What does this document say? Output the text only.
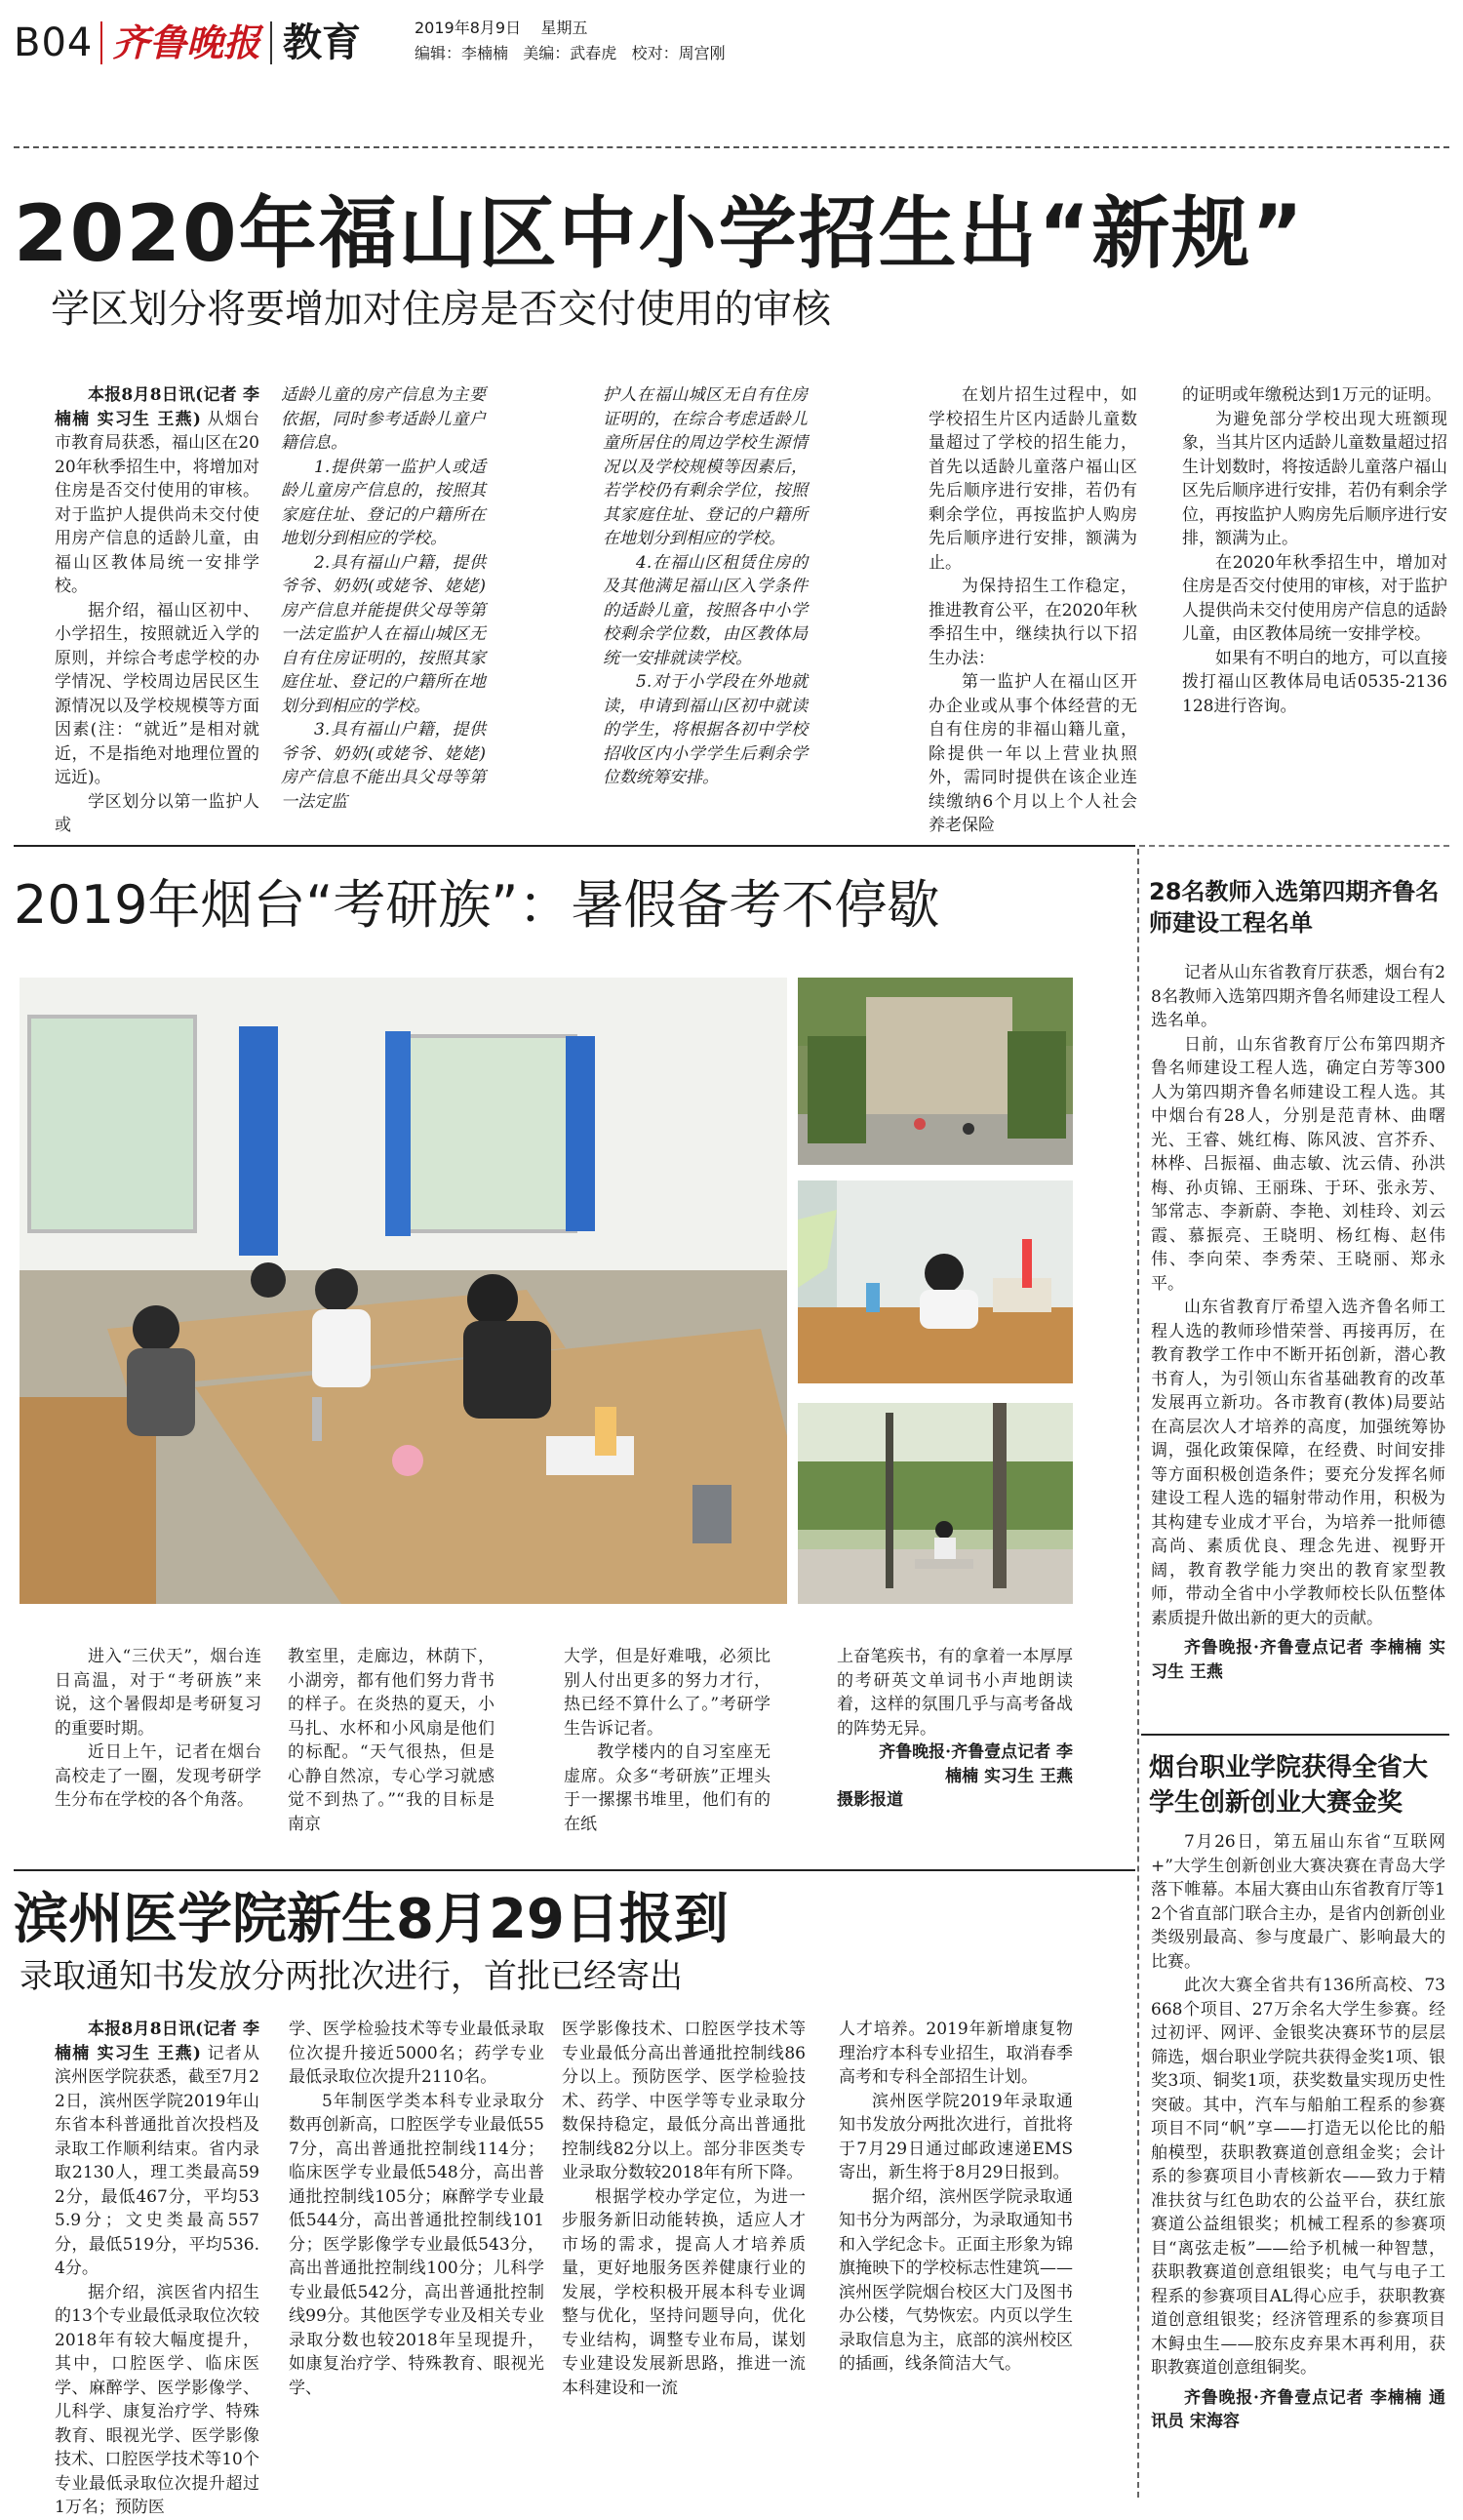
B04 齐鲁晚报 教育	2019年8月9日 星期五
编辑：李楠楠 美编：武春虎 校对：周宫刚
2020年福山区中小学招生出“新规”
学区划分将要增加对住房是否交付使用的审核

本报8月8日讯(记者 李楠楠 实习生 王燕) 从烟台市教育局获悉，福山区在2020年秋季招生中，将增加对住房是否交付使用的审核。对于监护人提供尚未交付使用房产信息的适龄儿童，由福山区教体局统一安排学校。

据介绍，福山区初中、小学招生，按照就近入学的原则，并综合考虑学校的办学情况、学校周边居民区生源情况以及学校规模等方面因素(注：“就近”是相对就近，不是指绝对地理位置的远近)。

学区划分以第一监护人或

适龄儿童的房产信息为主要依据，同时参考适龄儿童户籍信息。

1.提供第一监护人或适龄儿童房产信息的，按照其家庭住址、登记的户籍所在地划分到相应的学校。

2.具有福山户籍，提供爷爷、奶奶(或姥爷、姥姥)房产信息并能提供父母等第一法定监护人在福山城区无自有住房证明的，按照其家庭住址、登记的户籍所在地划分到相应的学校。

3.具有福山户籍，提供爷爷、奶奶(或姥爷、姥姥)房产信息不能出具父母等第一法定监

护人在福山城区无自有住房证明的，在综合考虑适龄儿童所居住的周边学校生源情况以及学校规模等因素后，若学校仍有剩余学位，按照其家庭住址、登记的户籍所在地划分到相应的学校。

4.在福山区租赁住房的及其他满足福山区入学条件的适龄儿童，按照各中小学校剩余学位数，由区教体局统一安排就读学校。

5.对于小学段在外地就读，申请到福山区初中就读的学生，将根据各初中学校招收区内小学学生后剩余学位数统筹安排。

在划片招生过程中，如学校招生片区内适龄儿童数量超过了学校的招生能力，首先以适龄儿童落户福山区先后顺序进行安排，若仍有剩余学位，再按监护人购房先后顺序进行安排，额满为止。

为保持招生工作稳定，推进教育公平，在2020年秋季招生中，继续执行以下招生办法：

第一监护人在福山区开办企业或从事个体经营的无自有住房的非福山籍儿童，除提供一年以上营业执照外，需同时提供在该企业连续缴纳6个月以上个人社会养老保险

的证明或年缴税达到1万元的证明。

为避免部分学校出现大班额现象，当其片区内适龄儿童数量超过招生计划数时，将按适龄儿童落户福山区先后顺序进行安排，若仍有剩余学位，再按监护人购房先后顺序进行安排，额满为止。

在2020年秋季招生中，增加对住房是否交付使用的审核，对于监护人提供尚未交付使用房产信息的适龄儿童，由区教体局统一安排学校。

如果有不明白的地方，可以直接拨打福山区教体局电话0535-2136128进行咨询。

2019年烟台“考研族”：暑假备考不停歇

进入“三伏天”，烟台连日高温，对于“考研族”来说，这个暑假却是考研复习的重要时期。

近日上午，记者在烟台高校走了一圈，发现考研学生分布在学校的各个角落。

教室里，走廊边，林荫下，小湖旁，都有他们努力背书的样子。在炎热的夏天，小马扎、水杯和小风扇是他们的标配。“天气很热，但是心静自然凉，专心学习就感觉不到热了。”“我的目标是南京

大学，但是好难哦，必须比别人付出更多的努力才行，热已经不算什么了。”考研学生告诉记者。

教学楼内的自习室座无虚席。众多“考研族”正埋头于一摞摞书堆里，他们有的在纸

上奋笔疾书，有的拿着一本厚厚的考研英文单词书小声地朗读着，这样的氛围几乎与高考备战的阵势无异。

齐鲁晚报·齐鲁壹点记者 李楠楠 实习生 王燕

摄影报道

滨州医学院新生8月29日报到
录取通知书发放分两批次进行，首批已经寄出

本报8月8日讯(记者 李楠楠 实习生 王燕) 记者从滨州医学院获悉，截至7月22日，滨州医学院2019年山东省本科普通批首次投档及录取工作顺利结束。省内录取2130人，理工类最高592分，最低467分，平均535.9分；文史类最高557分，最低519分，平均536.4分。

据介绍，滨医省内招生的13个专业最低录取位次较2018年有较大幅度提升，其中，口腔医学、临床医学、麻醉学、医学影像学、儿科学、康复治疗学、特殊教育、眼视光学、医学影像技术、口腔医学技术等10个专业最低录取位次提升超过1万名；预防医

学、医学检验技术等专业最低录取位次提升接近5000名；药学专业最低录取位次提升2110名。

5年制医学类本科专业录取分数再创新高，口腔医学专业最低557分，高出普通批控制线114分；临床医学专业最低548分，高出普通批控制线105分；麻醉学专业最低544分，高出普通批控制线101分；医学影像学专业最低543分，高出普通批控制线100分；儿科学专业最低542分，高出普通批控制线99分。其他医学专业及相关专业录取分数也较2018年呈现提升，如康复治疗学、特殊教育、眼视光学、

医学影像技术、口腔医学技术等专业最低分高出普通批控制线86分以上。预防医学、医学检验技术、药学、中医学等专业录取分数保持稳定，最低分高出普通批控制线82分以上。部分非医类专业录取分数较2018年有所下降。

根据学校办学定位，为进一步服务新旧动能转换，适应人才市场的需求，提高人才培养质量，更好地服务医养健康行业的发展，学校积极开展本科专业调整与优化，坚持问题导向，优化专业结构，调整专业布局，谋划专业建设发展新思路，推进一流本科建设和一流

人才培养。2019年新增康复物理治疗本科专业招生，取消春季高考和专科全部招生计划。

滨州医学院2019年录取通知书发放分两批次进行，首批将于7月29日通过邮政速递EMS寄出，新生将于8月29日报到。

据介绍，滨州医学院录取通知书分为两部分，为录取通知书和入学纪念卡。正面主形象为锦旗掩映下的学校标志性建筑——滨州医学院烟台校区大门及图书办公楼，气势恢宏。内页以学生录取信息为主，底部的滨州校区的插画，线条简洁大气。

28名教师入选第四期齐鲁名师建设工程名单

记者从山东省教育厅获悉，烟台有28名教师入选第四期齐鲁名师建设工程人选名单。

日前，山东省教育厅公布第四期齐鲁名师建设工程人选，确定白芳等300人为第四期齐鲁名师建设工程人选。其中烟台有28人，分别是范青林、曲曙光、王睿、姚红梅、陈风波、宫芥乔、林桦、吕振福、曲志敏、沈云倩、孙洪梅、孙贞锦、王丽珠、于环、张永芳、邹常志、李新蔚、李艳、刘桂玲、刘云霞、慕振亮、王晓明、杨红梅、赵伟伟、李向荣、李秀荣、王晓丽、郑永平。

山东省教育厅希望入选齐鲁名师工程人选的教师珍惜荣誉、再接再厉，在教育教学工作中不断开拓创新，潜心教书育人，为引领山东省基础教育的改革发展再立新功。各市教育(教体)局要站在高层次人才培养的高度，加强统筹协调，强化政策保障，在经费、时间安排等方面积极创造条件；要充分发挥名师建设工程人选的辐射带动作用，积极为其构建专业成才平台，为培养一批师德高尚、素质优良、理念先进、视野开阔，教育教学能力突出的教育家型教师，带动全省中小学教师校长队伍整体素质提升做出新的更大的贡献。

齐鲁晚报·齐鲁壹点记者 李楠楠 实习生 王燕

烟台职业学院获得全省大学生创新创业大赛金奖

7月26日，第五届山东省“互联网+”大学生创新创业大赛决赛在青岛大学落下帷幕。本届大赛由山东省教育厅等12个省直部门联合主办，是省内创新创业类级别最高、参与度最广、影响最大的比赛。

此次大赛全省共有136所高校、73668个项目、27万余名大学生参赛。经过初评、网评、金银奖决赛环节的层层筛选，烟台职业学院共获得金奖1项、银奖3项、铜奖1项，获奖数量实现历史性突破。其中，汽车与船舶工程系的参赛项目不同“帆”享——打造无以伦比的船舶模型，获职教赛道创意组金奖；会计系的参赛项目小青核新农——致力于精准扶贫与红色助农的公益平台，获红旅赛道公益组银奖；机械工程系的参赛项目“离弦走板”——给予机械一种智慧，获职教赛道创意组银奖；电气与电子工程系的参赛项目AL得心应手，获职教赛道创意组银奖；经济管理系的参赛项目木鲟虫生——胶东皮弃果木再利用，获职教赛道创意组铜奖。

齐鲁晚报·齐鲁壹点记者 李楠楠 通讯员 宋海容
